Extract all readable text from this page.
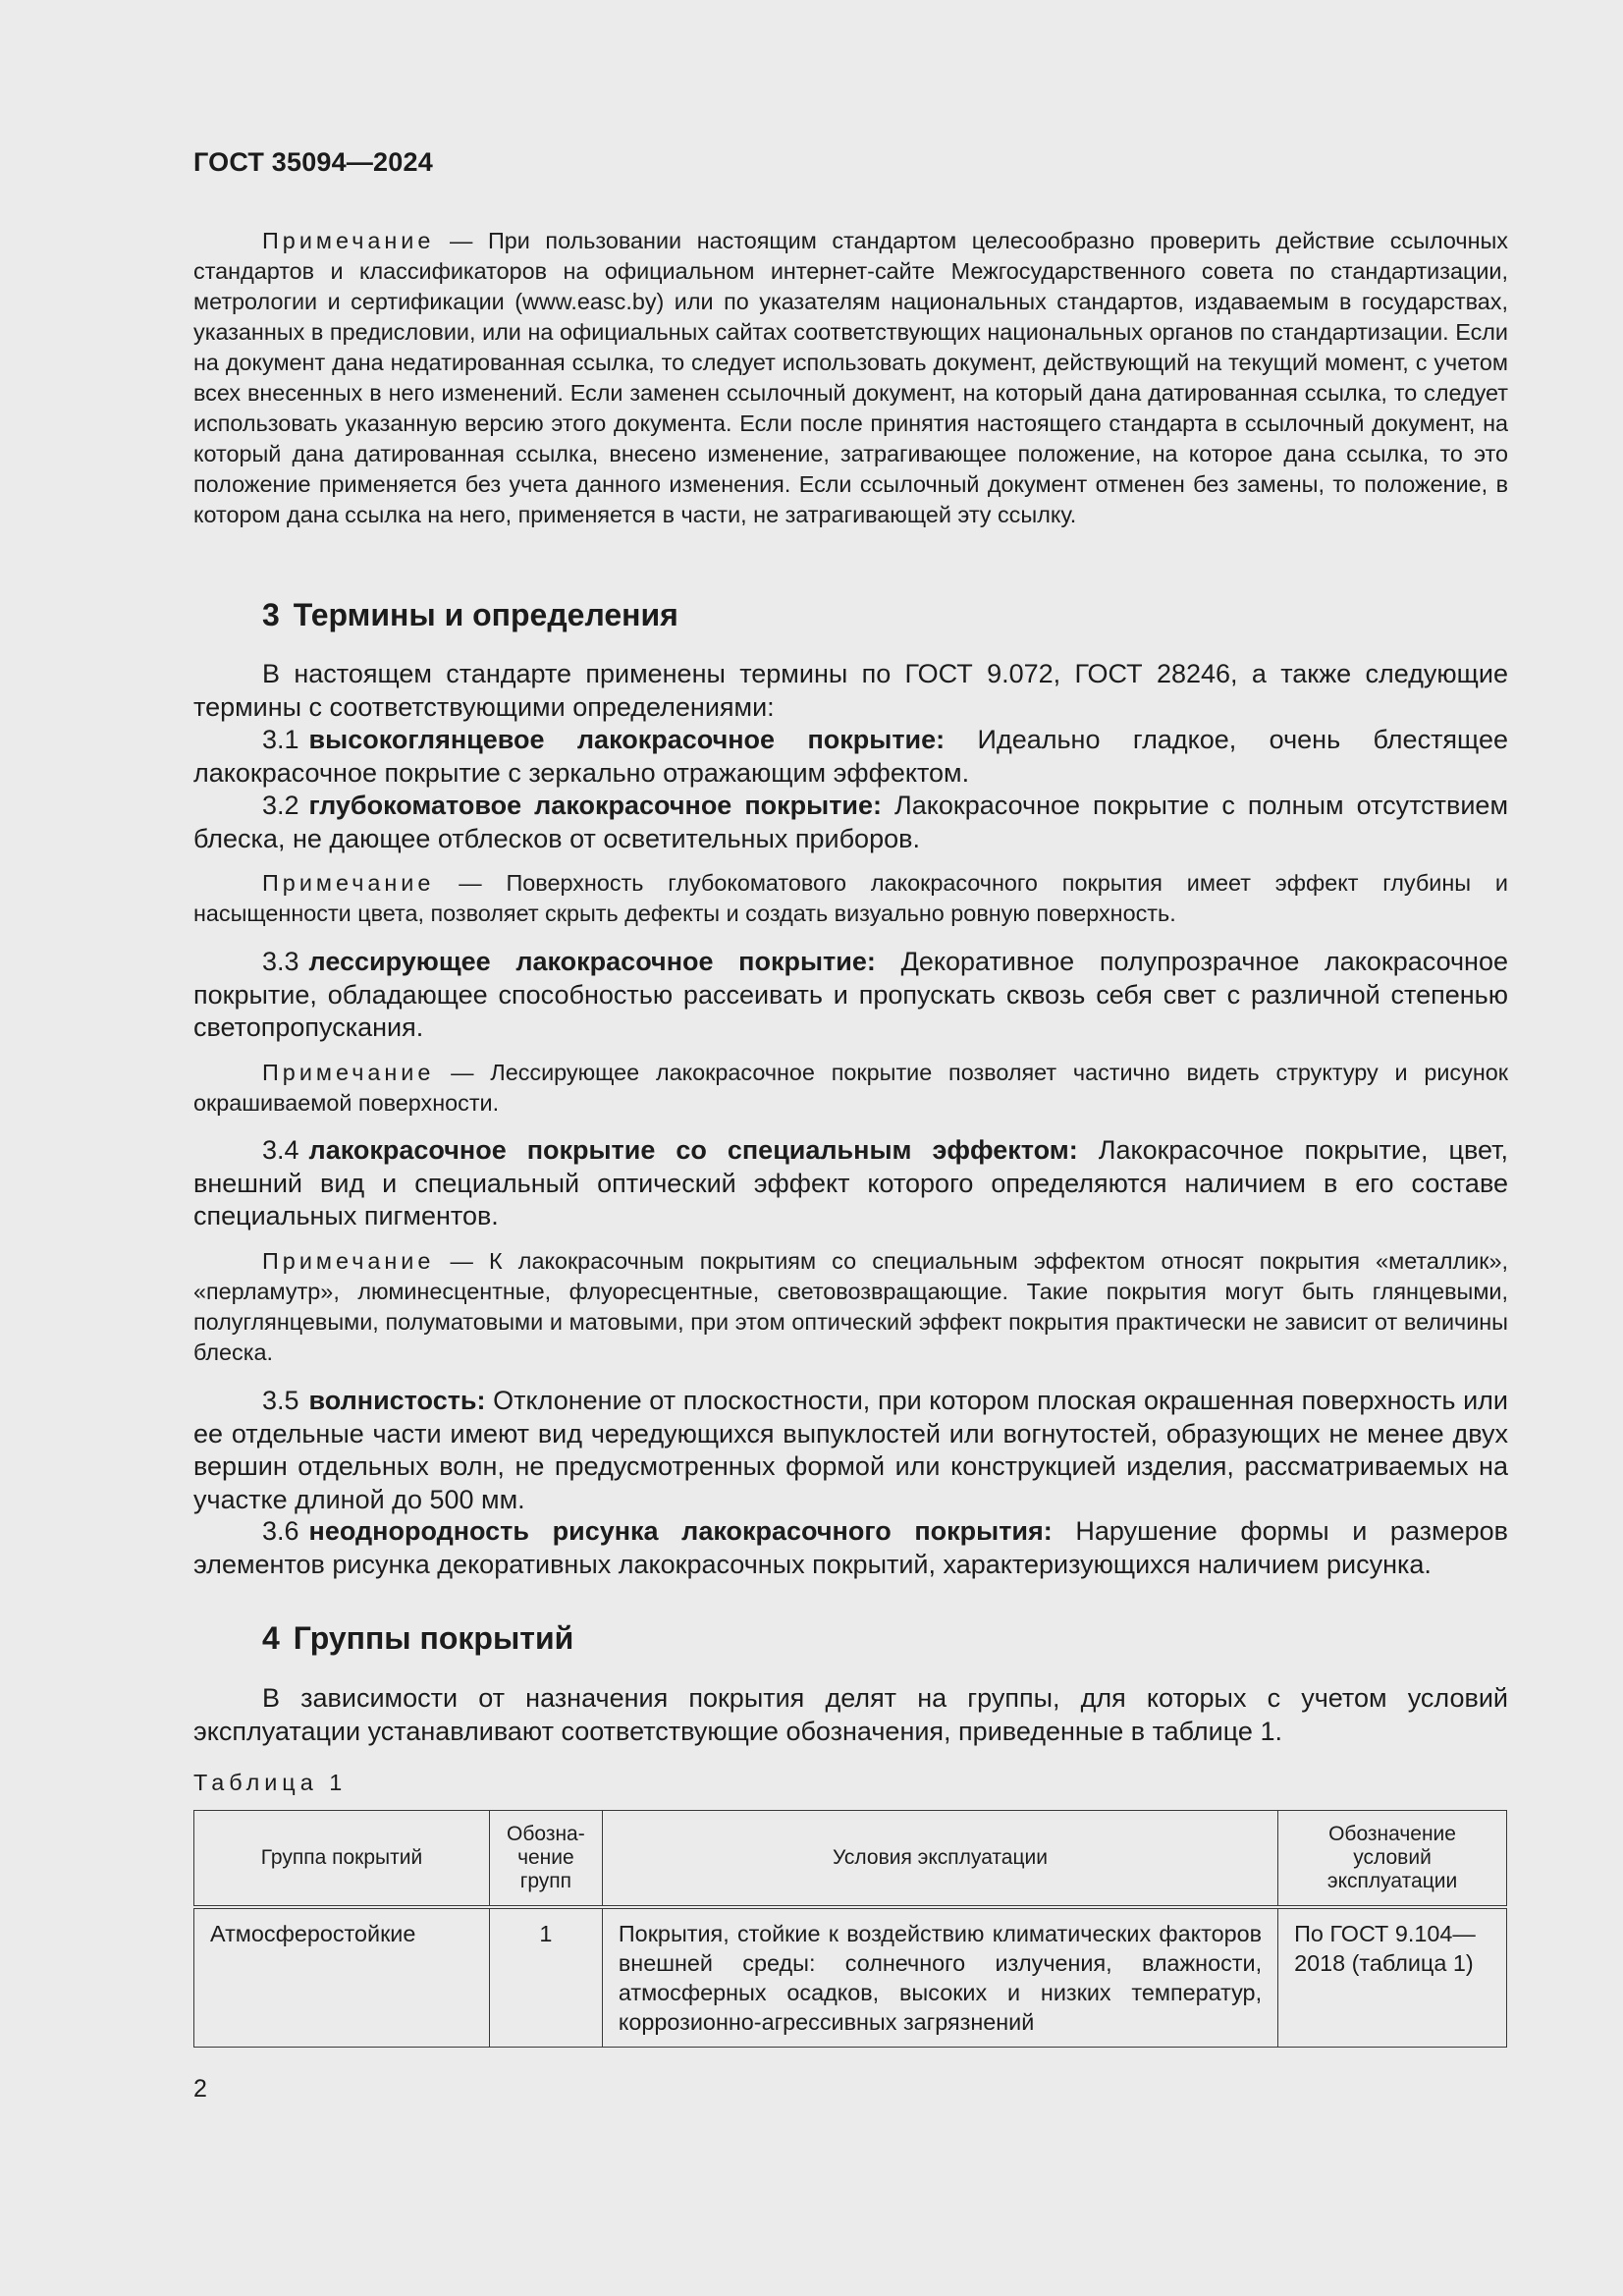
ГОСТ 35094—2024

Примечание — При пользовании настоящим стандартом целесообразно проверить действие ссылочных стандартов и классификаторов на официальном интернет-сайте Межгосударственного совета по стандартизации, метрологии и сертификации (www.easc.by) или по указателям национальных стандартов, издаваемым в государствах, указанных в предисловии, или на официальных сайтах соответствующих национальных органов по стандартизации. Если на документ дана недатированная ссылка, то следует использовать документ, действующий на текущий момент, с учетом всех внесенных в него изменений. Если заменен ссылочный документ, на который дана датированная ссылка, то следует использовать указанную версию этого документа. Если после принятия настоящего стандарта в ссылочный документ, на который дана датированная ссылка, внесено изменение, затрагивающее положение, на которое дана ссылка, то это положение применяется без учета данного изменения. Если ссылочный документ отменен без замены, то положение, в котором дана ссылка на него, применяется в части, не затрагивающей эту ссылку.

3 Термины и определения

В настоящем стандарте применены термины по ГОСТ 9.072, ГОСТ 28246, а также следующие термины с соответствующими определениями:

3.1 высокоглянцевое лакокрасочное покрытие: Идеально гладкое, очень блестящее лакокрасочное покрытие с зеркально отражающим эффектом.

3.2 глубокоматовое лакокрасочное покрытие: Лакокрасочное покрытие с полным отсутствием блеска, не дающее отблесков от осветительных приборов.

Примечание — Поверхность глубокоматового лакокрасочного покрытия имеет эффект глубины и насыщенности цвета, позволяет скрыть дефекты и создать визуально ровную поверхность.

3.3 лессирующее лакокрасочное покрытие: Декоративное полупрозрачное лакокрасочное покрытие, обладающее способностью рассеивать и пропускать сквозь себя свет с различной степенью светопропускания.

Примечание — Лессирующее лакокрасочное покрытие позволяет частично видеть структуру и рисунок окрашиваемой поверхности.

3.4 лакокрасочное покрытие со специальным эффектом: Лакокрасочное покрытие, цвет, внешний вид и специальный оптический эффект которого определяются наличием в его составе специальных пигментов.

Примечание — К лакокрасочным покрытиям со специальным эффектом относят покрытия «металлик», «перламутр», люминесцентные, флуоресцентные, световозвращающие. Такие покрытия могут быть глянцевыми, полуглянцевыми, полуматовыми и матовыми, при этом оптический эффект покрытия практически не зависит от величины блеска.

3.5 волнистость: Отклонение от плоскостности, при котором плоская окрашенная поверхность или ее отдельные части имеют вид чередующихся выпуклостей или вогнутостей, образующих не менее двух вершин отдельных волн, не предусмотренных формой или конструкцией изделия, рассматриваемых на участке длиной до 500 мм.

3.6 неоднородность рисунка лакокрасочного покрытия: Нарушение формы и размеров элементов рисунка декоративных лакокрасочных покрытий, характеризующихся наличием рисунка.

4 Группы покрытий

В зависимости от назначения покрытия делят на группы, для которых с учетом условий эксплуатации устанавливают соответствующие обозначения, приведенные в таблице 1.

Таблица 1
Группа покрытий	Обозна-
чение
групп	Условия эксплуатации	Обозначение
условий
эксплуатации
Атмосферостойкие	1	Покрытия, стойкие к воздействию климатических факторов внешней среды: солнечного излучения, влажности, атмосферных осадков, высоких и низких температур, коррозионно-агрессивных загрязнений	По ГОСТ 9.104—2018 (таблица 1)
2
